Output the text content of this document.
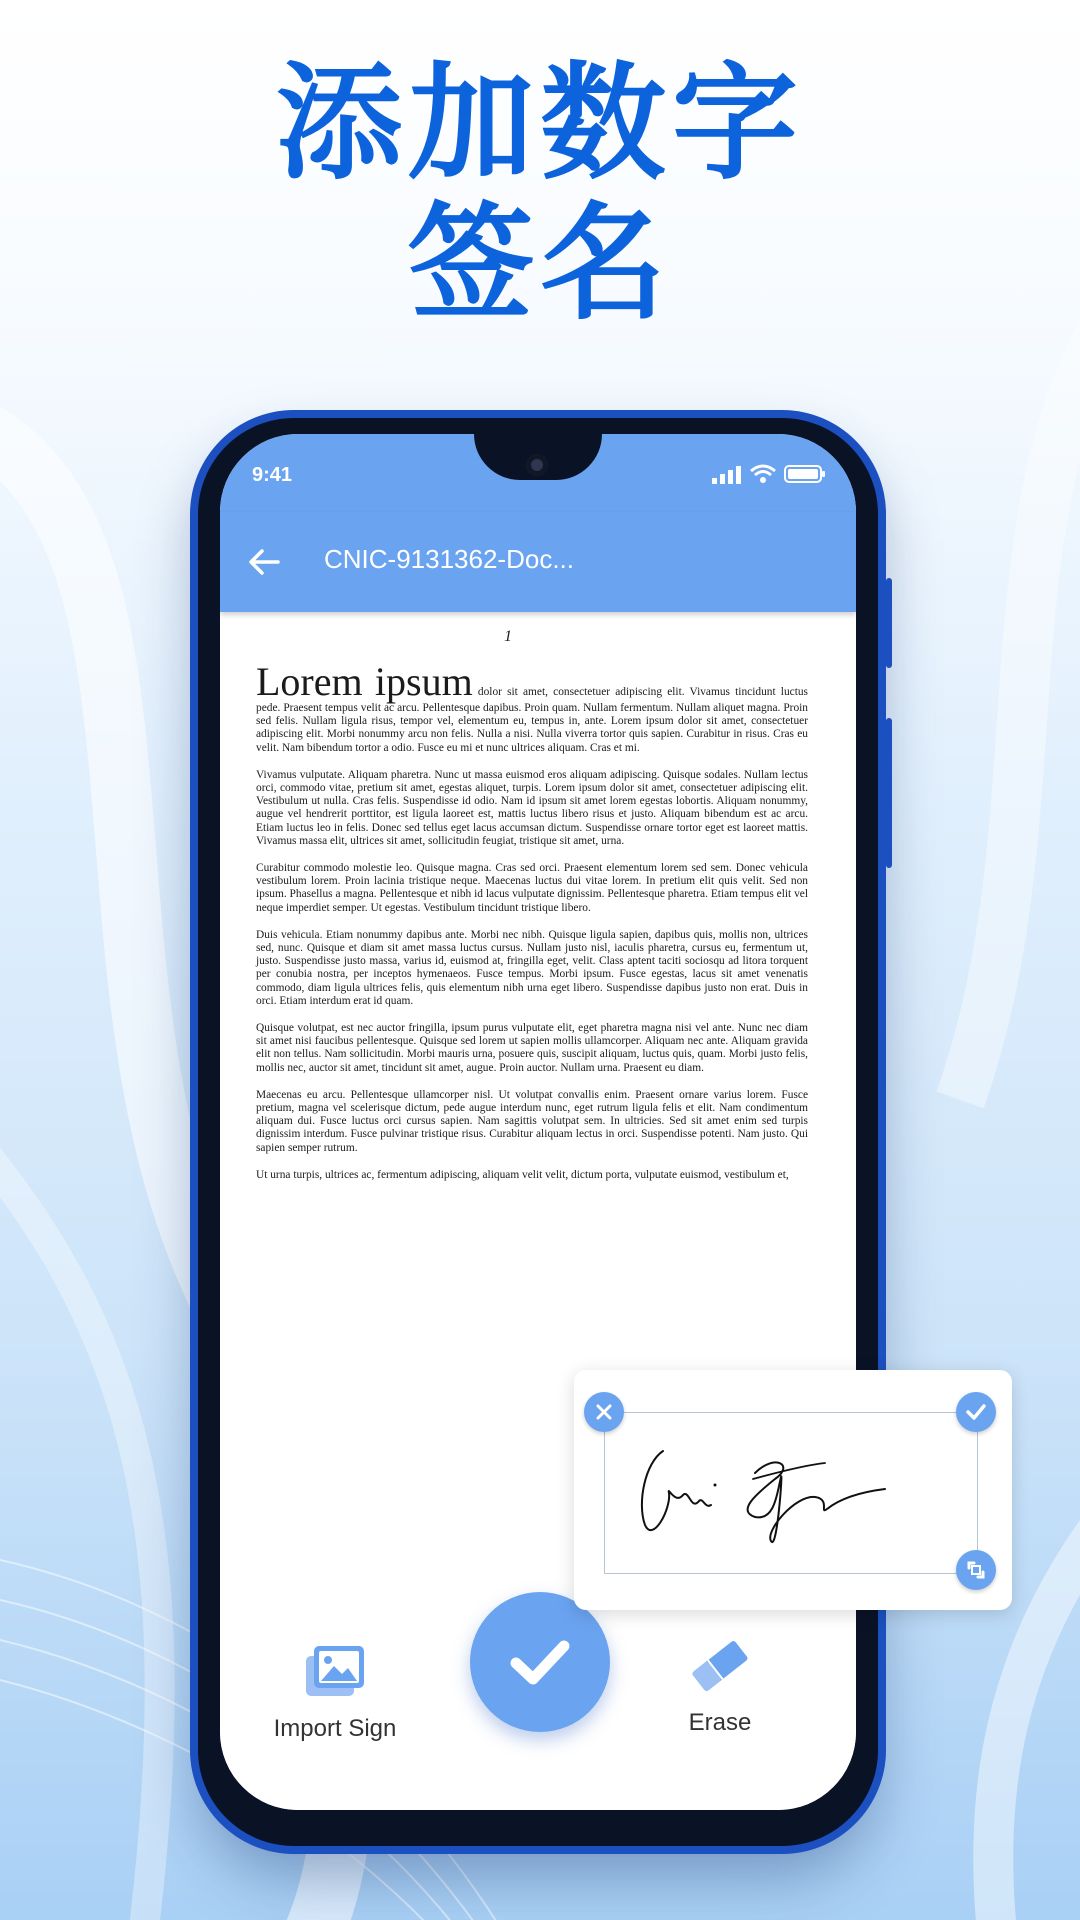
添加数字
签名
9:41
CNIC-9131362-Doc...
1

Lorem ipsum dolor sit amet, consectetuer adipiscing elit. Vivamus tincidunt luctus pede. Praesent tempus velit ac arcu. Pellentesque dapibus. Proin quam. Nullam fermentum. Nullam aliquet magna. Proin sed felis. Nullam ligula risus, tempor vel, elementum eu, tempus in, ante. Lorem ipsum dolor sit amet, consectetuer adipiscing elit. Morbi nonummy arcu non felis. Nulla a nisi. Nulla viverra tortor quis sapien. Curabitur in risus. Cras eu velit. Nam bibendum tortor a odio. Fusce eu mi et nunc ultrices aliquam. Cras et mi.

Vivamus vulputate. Aliquam pharetra. Nunc ut massa euismod eros aliquam adipiscing. Quisque sodales. Nullam lectus orci, commodo vitae, pretium sit amet, egestas aliquet, turpis. Lorem ipsum dolor sit amet, consectetuer adipiscing elit. Vestibulum ut nulla. Cras felis. Suspendisse id odio. Nam id ipsum sit amet lorem egestas lobortis. Aliquam nonummy, augue vel hendrerit porttitor, est ligula laoreet est, mattis luctus libero risus et justo. Aliquam bibendum est ac arcu. Etiam luctus leo in felis. Donec sed tellus eget lacus accumsan dictum. Suspendisse ornare tortor eget est laoreet mattis. Vivamus massa elit, ultrices sit amet, sollicitudin feugiat, tristique sit amet, urna.

Curabitur commodo molestie leo. Quisque magna. Cras sed orci. Praesent elementum lorem sed sem. Donec vehicula vestibulum lorem. Proin lacinia tristique neque. Maecenas luctus dui vitae lorem. In pretium elit quis velit. Sed non ipsum. Phasellus a magna. Pellentesque et nibh id lacus vulputate dignissim. Pellentesque pharetra. Etiam tempus elit vel neque imperdiet semper. Ut egestas. Vestibulum tincidunt tristique libero.

Duis vehicula. Etiam nonummy dapibus ante. Morbi nec nibh. Quisque ligula sapien, dapibus quis, mollis non, ultrices sed, nunc. Quisque et diam sit amet massa luctus cursus. Nullam justo nisl, iaculis pharetra, cursus eu, fermentum ut, justo. Suspendisse justo massa, varius id, euismod at, fringilla eget, velit. Class aptent taciti sociosqu ad litora torquent per conubia nostra, per inceptos hymenaeos. Fusce tempus. Morbi ipsum. Fusce egestas, lacus sit amet venenatis commodo, diam ligula ultrices felis, quis elementum nibh urna eget libero. Suspendisse dapibus justo non erat. Duis in orci. Etiam interdum erat id quam.

Quisque volutpat, est nec auctor fringilla, ipsum purus vulputate elit, eget pharetra magna nisi vel ante. Nunc nec diam sit amet nisi faucibus pellentesque. Quisque sed lorem ut sapien mollis ullamcorper. Aliquam nec ante. Aliquam gravida elit non tellus. Nam sollicitudin. Morbi mauris urna, posuere quis, suscipit aliquam, luctus quis, quam. Morbi justo felis, mollis nec, auctor sit amet, tincidunt sit amet, augue. Proin auctor. Nullam urna. Praesent eu diam.

Maecenas eu arcu. Pellentesque ullamcorper nisl. Ut volutpat convallis enim. Praesent ornare varius lorem. Fusce pretium, magna vel scelerisque dictum, pede augue interdum nunc, eget rutrum ligula felis et elit. Nam condimentum aliquam dui. Fusce luctus orci cursus sapien. Nam sagittis volutpat sem. In ultricies. Sed sit amet enim sed turpis dignissim interdum. Fusce pulvinar tristique risus. Curabitur aliquam lectus in orci. Suspendisse potenti. Nam justo. Qui sapien semper rutrum.

Ut urna turpis, ultrices ac, fermentum adipiscing, aliquam velit velit, dictum porta, vulputate euismod, vestibulum et,

Import Sign	Erase
